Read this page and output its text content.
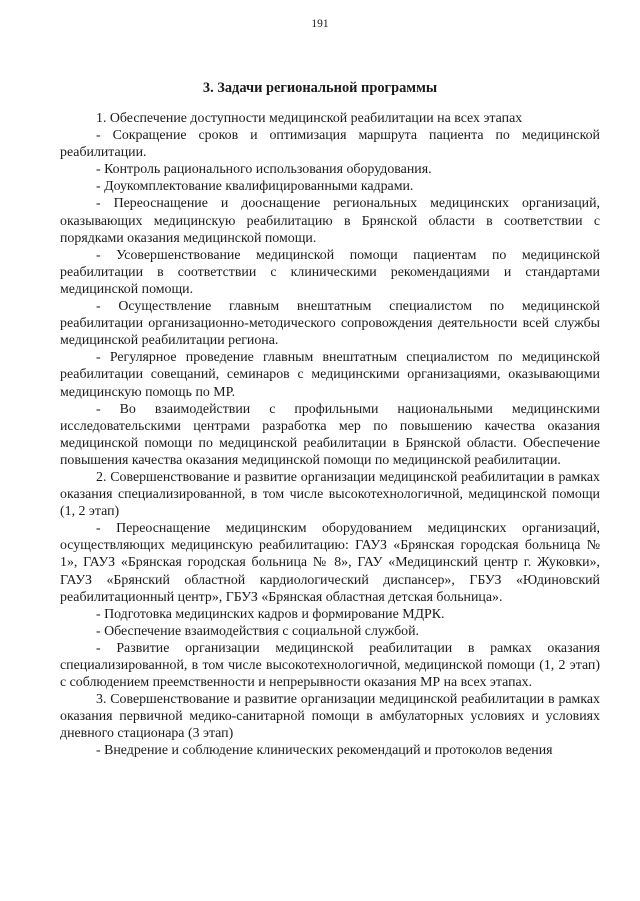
191
3. Задачи региональной программы

1. Обеспечение доступности медицинской реабилитации на всех этапах

- Сокращение сроков и оптимизация маршрута пациента по медицинской реабилитации.

- Контроль рационального использования оборудования.

- Доукомплектование квалифицированными кадрами.

- Переоснащение и дооснащение региональных медицинских организаций, оказывающих медицинскую реабилитацию в Брянской области в соответствии с порядками оказания медицинской помощи.

- Усовершенствование медицинской помощи пациентам по медицинской реабилитации в соответствии с клиническими рекомендациями и стандартами медицинской помощи.

- Осуществление главным внештатным специалистом по медицинской реабилитации организационно-методического сопровождения деятельности всей службы медицинской реабилитации региона.

- Регулярное проведение главным внештатным специалистом по медицинской реабилитации совещаний, семинаров с медицинскими организациями, оказывающими медицинскую помощь по МР.

- Во взаимодействии с профильными национальными медицинскими исследовательскими центрами разработка мер по повышению качества оказания медицинской помощи по медицинской реабилитации в Брянской области. Обеспечение повышения качества оказания медицинской помощи по медицинской реабилитации.

2. Совершенствование и развитие организации медицинской реабилитации в рамках оказания специализированной, в том числе высокотехнологичной, медицинской помощи (1, 2 этап)

- Переоснащение медицинским оборудованием медицинских организаций, осуществляющих медицинскую реабилитацию: ГАУЗ «Брянская городская больница № 1», ГАУЗ «Брянская городская больница № 8», ГАУ «Медицинский центр г. Жуковки», ГАУЗ «Брянский областной кардиологический диспансер», ГБУЗ «Юдиновский реабилитационный центр», ГБУЗ «Брянская областная детская больница».

- Подготовка медицинских кадров и формирование МДРК.

- Обеспечение взаимодействия с социальной службой.

- Развитие организации медицинской реабилитации в рамках оказания специализированной, в том числе высокотехнологичной, медицинской помощи (1, 2 этап) с соблюдением преемственности и непрерывности оказания МР на всех этапах.

3. Совершенствование и развитие организации медицинской реабилитации в рамках оказания первичной медико-санитарной помощи в амбулаторных условиях и условиях дневного стационара (3 этап)

- Внедрение и соблюдение клинических рекомендаций и протоколов ведения
